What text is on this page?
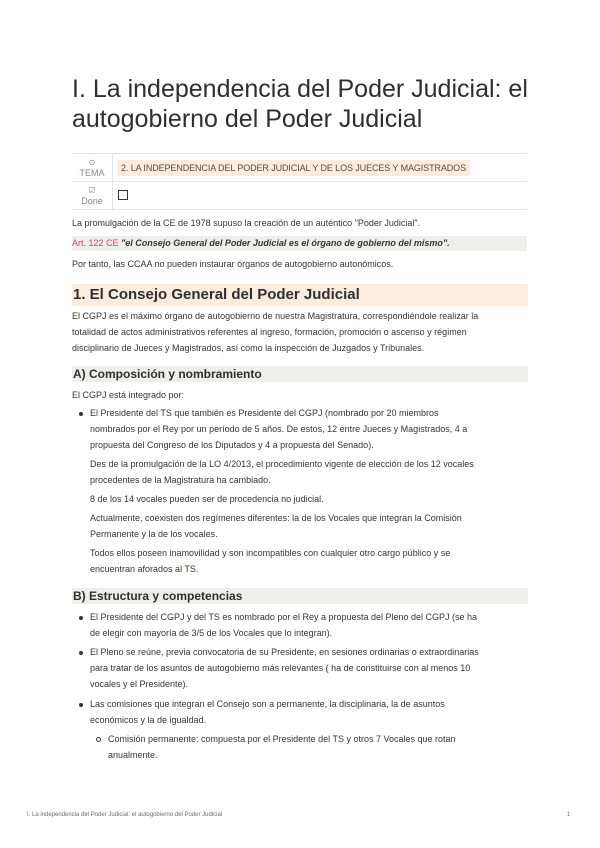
I. La independencia del Poder Judicial: el autogobierno del Poder Judicial
⊙
TEMA	2. LA INDEPENDENCIA DEL PODER JUDICIAL Y DE LOS JUECES Y MAGISTRADOS

☑
Done	

La promulgación de la CE de 1978 supuso la creación de un auténtico "Poder Judicial".

Art. 122 CE "el Consejo General del Poder Judicial es el órgano de gobierno del mismo".

Por tanto, las CCAA no pueden instaurar órganos de autogobierno autonómicos.

1. El Consejo General del Poder Judicial

El CGPJ es el máximo órgano de autogobierno de nuestra Magistratura, correspondiéndole realizar la

totalidad de actos administrativos referentes al ingreso, formación, promoción o ascenso y régimen

disciplinario de Jueces y Magistrados, así como la inspección de Juzgados y Tribunales.

A) Composición y nombramiento

El CGPJ está integrado por:

El Presidente del TS que también es Presidente del CGPJ (nombrado por 20 miembros

nombrados por el Rey por un período de 5 años. De estos, 12 entre Jueces y Magistrados, 4 a

propuesta del Congreso de los Diputados y 4 a propuesta del Senado).

Des de la promulgación de la LO 4/2013, el procedimiento vigente de elección de los 12 vocales

procedentes de la Magistratura ha cambiado.

8 de los 14 vocales pueden ser de procedencia no judicial.

Actualmente, coexisten dos regímenes diferentes: la de los Vocales que integran la Comisión

Permanente y la de los vocales.

Todos ellos poseen inamovilidad y son incompatibles con cualquier otro cargo público y se

encuentran aforados al TS.

B) Estructura y competencias

El Presidente del CGPJ y del TS es nombrado por el Rey a propuesta del Pleno del CGPJ (se ha

de elegir con mayoría de 3/5 de los Vocales que lo integran).

El Pleno se reúne, previa convocatoria de su Presidente, en sesiones ordinarias o extraordinarias

para tratar de los asuntos de autogobierno más relevantes ( ha de constituirse con al menos 10

vocales y el Presidente).

Las comisiones que integran el Consejo son a permanente, la disciplinaria, la de asuntos

económicos y la de igualdad.

Comisión permanente: compuesta por el Presidente del TS y otros 7 Vocales que rotan

anualmente.

I. La independencia del Poder Judicial: el autogobierno del Poder Judicial	1
